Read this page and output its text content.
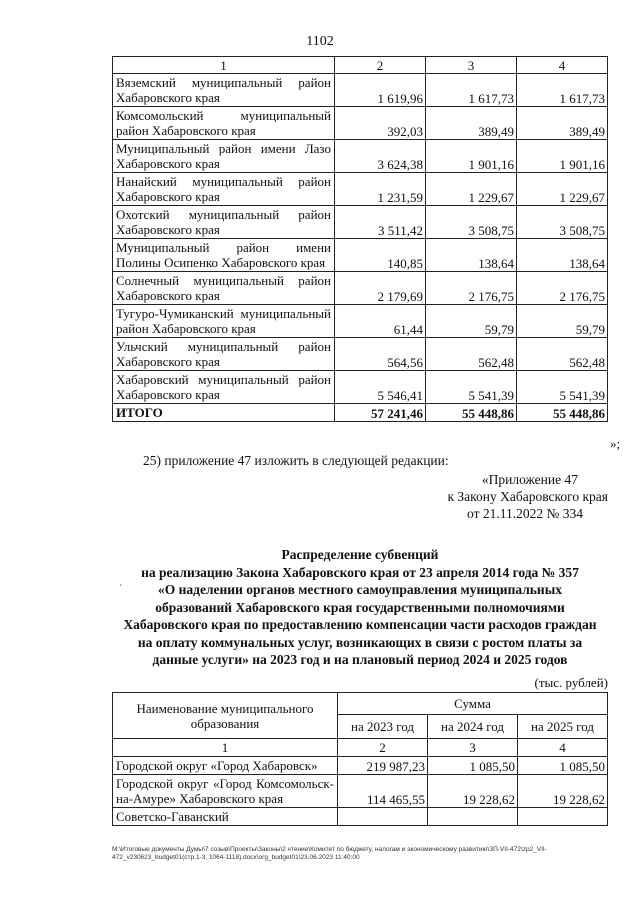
1102
1	2	3	4
Вяземский муниципальный район Хабаровского края	1 619,96	1 617,73	1 617,73
Комсомольский муниципальный район Хабаровского края	392,03	389,49	389,49
Муниципальный район имени Лазо Хабаровского края	3 624,38	1 901,16	1 901,16
Нанайский муниципальный район Хабаровского края	1 231,59	1 229,67	1 229,67
Охотский муниципальный район Хабаровского края	3 511,42	3 508,75	3 508,75
Муниципальный район имени Полины Осипенко Хабаровского края	140,85	138,64	138,64
Солнечный муниципальный район Хабаровского края	2 179,69	2 176,75	2 176,75
Тугуро-Чумиканский муниципальный район Хабаровского края	61,44	59,79	59,79
Ульчский муниципальный район Хабаровского края	564,56	562,48	562,48
Хабаровский муниципальный район Хабаровского края	5 546,41	5 541,39	5 541,39
ИТОГО	57 241,46	55 448,86	55 448,86
»;
25) приложение 47 изложить в следующей редакции:
«Приложение 47
к Закону Хабаровского края
от 21.11.2022 № 334
`
Распределение субвенций
на реализацию Закона Хабаровского края от 23 апреля 2014 года № 357
«О наделении органов местного самоуправления муниципальных
образований Хабаровского края государственными полномочиями
Хабаровского края по предоставлению компенсации части расходов граждан
на оплату коммунальных услуг, возникающих в связи с ростом платы за
данные услуги» на 2023 год и на плановый период 2024 и 2025 годов
(тыс. рублей)
Наименование муниципального образования	Сумма		
	на 2023 год	на 2024 год	на 2025 год
1	2	3	4
Городской округ «Город Хабаровск»	219 987,23	1 085,50	1 085,50
Городской округ «Город Комсомольск-на-Амуре» Хабаровского края	114 465,55	19 228,62	19 228,62
Советско-Гаванский			
M:\Итоговые документы Думы\7 созыв\Проекты\Законы\2 чтение\Комитет по бюджету, налогам и экономическому развитию\ЗП-VII-472\zp2_VII-472_v230623_budget01(стр.1-3, 1064-1118).docx\org_budget01\23.06.2023 11:40:00
